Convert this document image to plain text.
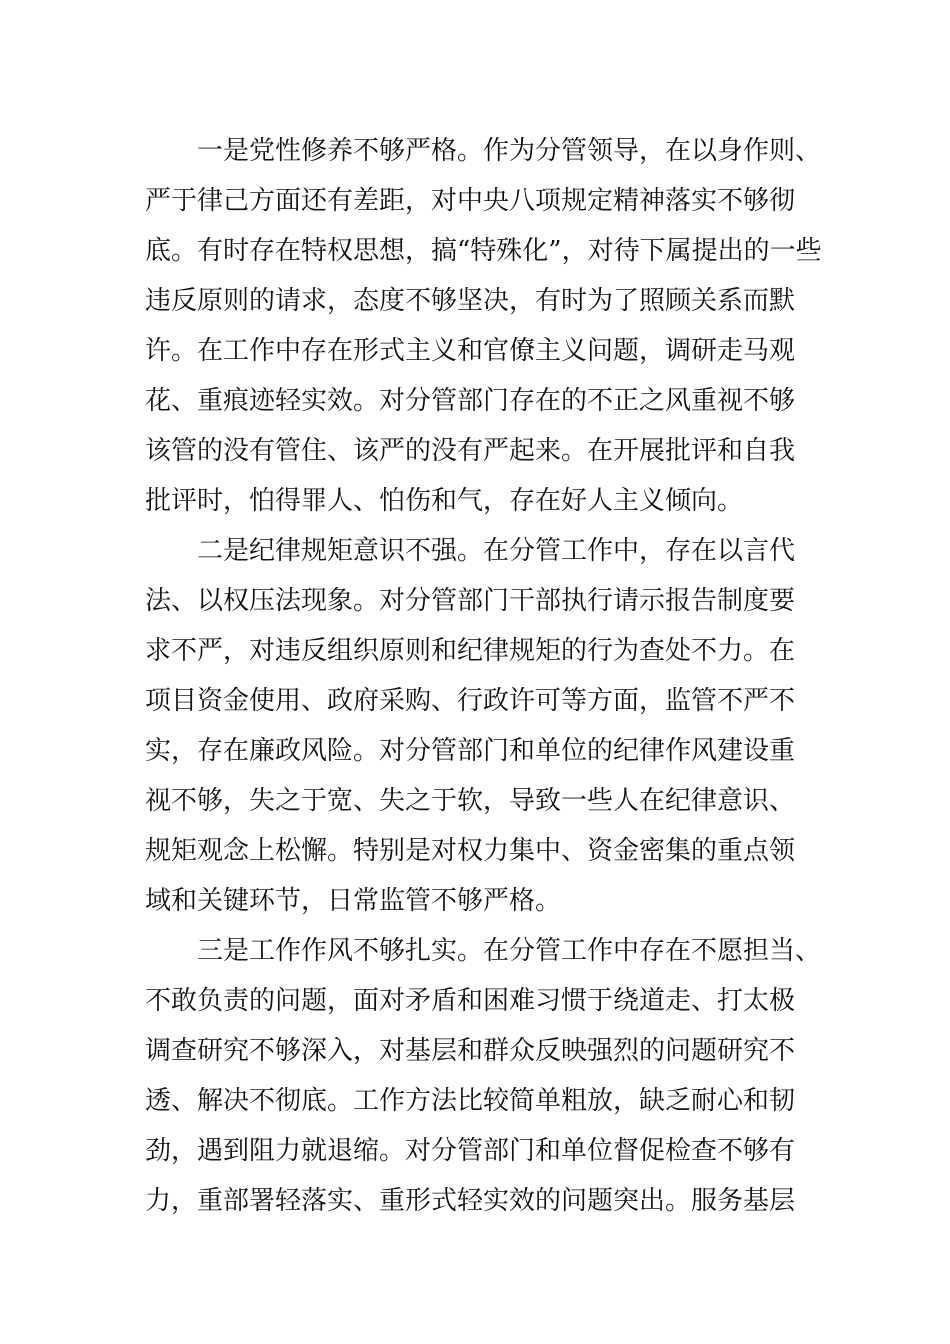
一是党性修养不够严格。作为分管领导，在以身作则、
严于律己方面还有差距，对中央八项规定精神落实不够彻
底。有时存在特权思想，搞“特殊化”，对待下属提出的一些
违反原则的请求，态度不够坚决，有时为了照顾关系而默
许。在工作中存在形式主义和官僚主义问题，调研走马观
花、重痕迹轻实效。对分管部门存在的不正之风重视不够
该管的没有管住、该严的没有严起来。在开展批评和自我
批评时，怕得罪人、怕伤和气，存在好人主义倾向。
二是纪律规矩意识不强。在分管工作中，存在以言代
法、以权压法现象。对分管部门干部执行请示报告制度要
求不严，对违反组织原则和纪律规矩的行为查处不力。在
项目资金使用、政府采购、行政许可等方面，监管不严不
实，存在廉政风险。对分管部门和单位的纪律作风建设重
视不够，失之于宽、失之于软，导致一些人在纪律意识、
规矩观念上松懈。特别是对权力集中、资金密集的重点领
域和关键环节，日常监管不够严格。
三是工作作风不够扎实。在分管工作中存在不愿担当、
不敢负责的问题，面对矛盾和困难习惯于绕道走、打太极
调查研究不够深入，对基层和群众反映强烈的问题研究不
透、解决不彻底。工作方法比较简单粗放，缺乏耐心和韧
劲，遇到阻力就退缩。对分管部门和单位督促检查不够有
力，重部署轻落实、重形式轻实效的问题突出。服务基层
